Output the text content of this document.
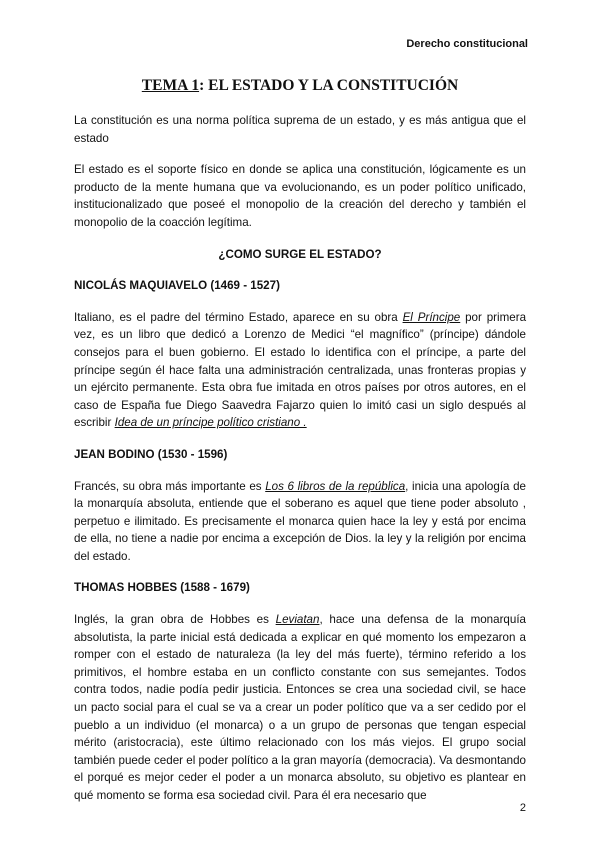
Derecho constitucional
TEMA 1: EL ESTADO Y LA CONSTITUCIÓN

La constitución es una norma política suprema de un estado, y es más antigua que el estado

El estado es el soporte físico en donde se aplica una constitución, lógicamente es un producto de la mente humana que va evolucionando, es un poder político unificado, institucionalizado que poseé el monopolio de la creación del derecho y también el monopolio de la coacción legítima.

¿COMO SURGE EL ESTADO?
NICOLÁS MAQUIAVELO (1469 - 1527)

Italiano, es el padre del término Estado, aparece en su obra El Príncipe por primera vez, es un libro que dedicó a Lorenzo de Medici “el magnífico” (príncipe) dándole consejos para el buen gobierno. El estado lo identifica con el príncipe, a parte del príncipe según él hace falta una administración centralizada, unas fronteras propias y un ejército permanente. Esta obra fue imitada en otros países por otros autores, en el caso de España fue Diego Saavedra Fajarzo quien lo imitó casi un siglo después al escribir Idea de un príncipe político cristiano .

JEAN BODINO (1530 - 1596)

Francés, su obra más importante es Los 6 libros de la república, inicia una apología de la monarquía absoluta, entiende que el soberano es aquel que tiene poder absoluto , perpetuo e ilimitado. Es precisamente el monarca quien hace la ley y está por encima de ella, no tiene a nadie por encima a excepción de Dios. la ley y la religión por encima del estado.

THOMAS HOBBES (1588 - 1679)

Inglés, la gran obra de Hobbes es Leviatan, hace una defensa de la monarquía absolutista, la parte inicial está dedicada a explicar en qué momento los empezaron a romper con el estado de naturaleza (la ley del más fuerte), término referido a los primitivos, el hombre estaba en un conflicto constante con sus semejantes. Todos contra todos, nadie podía pedir justicia. Entonces se crea una sociedad civil, se hace un pacto social para el cual se va a crear un poder político que va a ser cedido por el pueblo a un individuo (el monarca) o a un grupo de personas que tengan especial mérito (aristocracia), este último relacionado con los más viejos. El grupo social también puede ceder el poder político a la gran mayoría (democracia). Va desmontando el porqué es mejor ceder el poder a un monarca absoluto, su objetivo es plantear en qué momento se forma esa sociedad civil. Para él era necesario que

2
